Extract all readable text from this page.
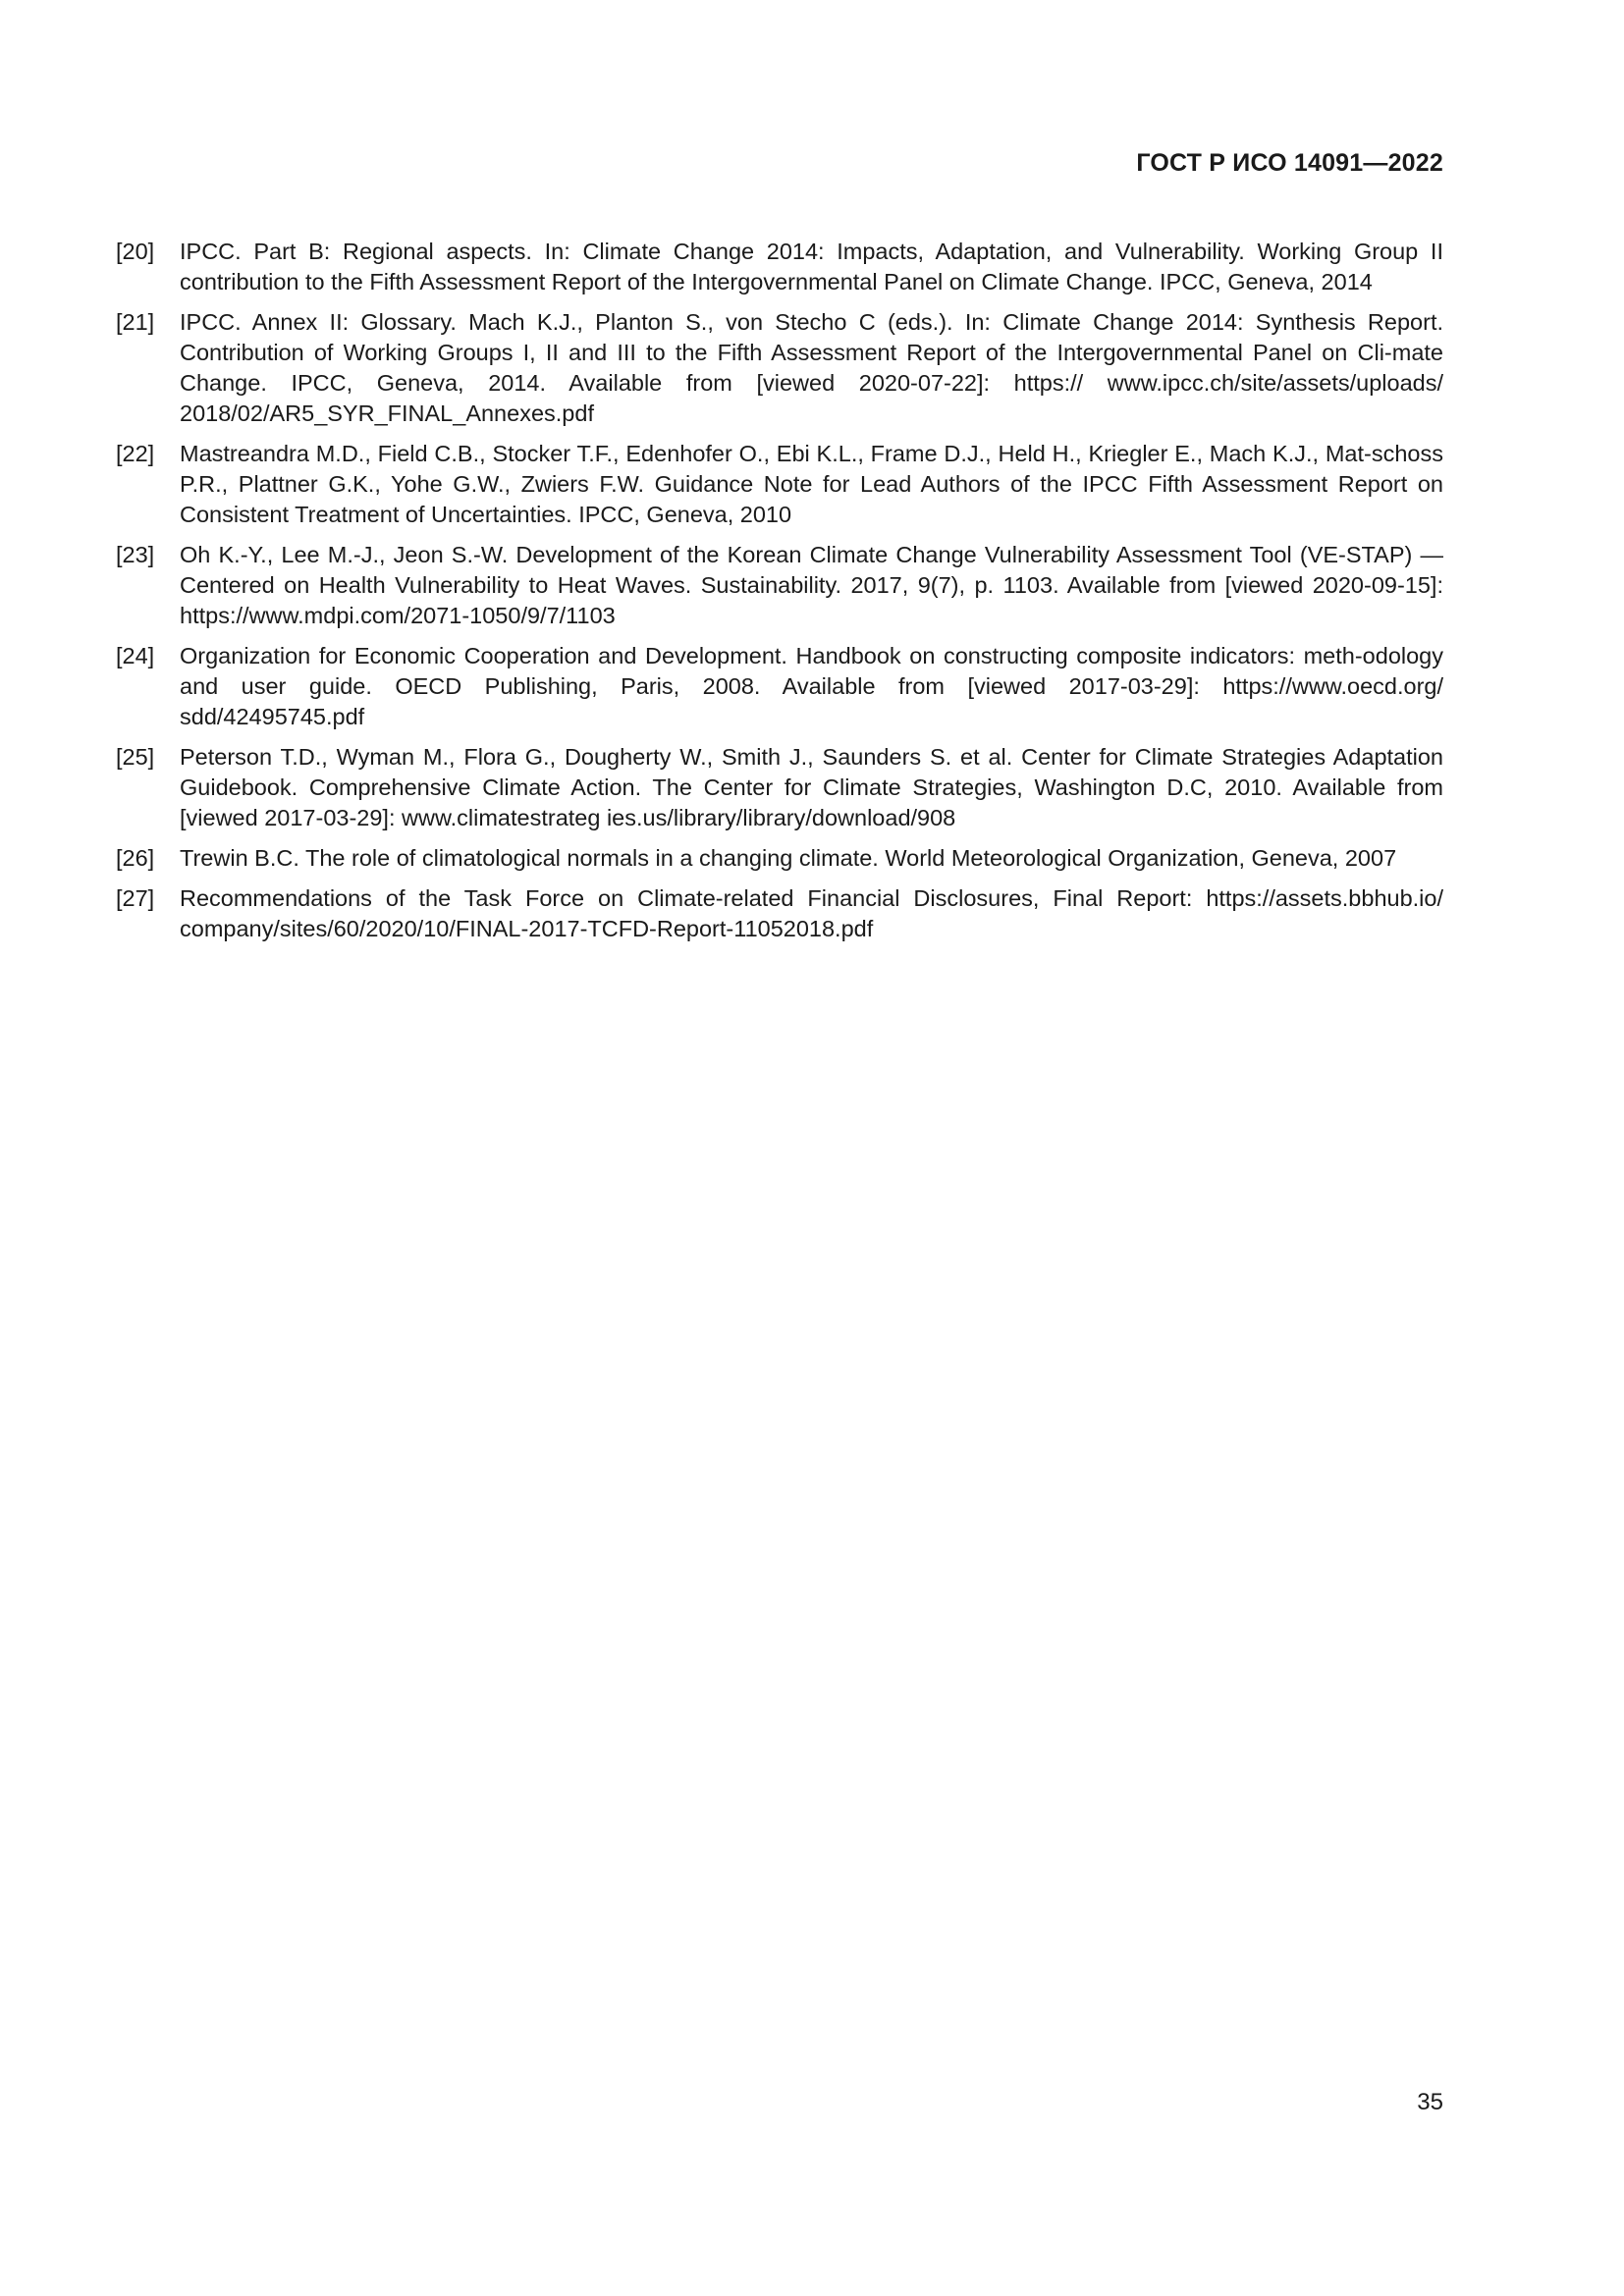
ГОСТ Р ИСО 14091—2022
[20] IPCC. Part B: Regional aspects. In: Climate Change 2014: Impacts, Adaptation, and Vulnerability. Working Group II contribution to the Fifth Assessment Report of the Intergovernmental Panel on Climate Change. IPCC, Geneva, 2014
[21] IPCC. Annex II: Glossary. Mach K.J., Planton S., von Stecho C (eds.). In: Climate Change 2014: Synthesis Report. Contribution of Working Groups I, II and III to the Fifth Assessment Report of the Intergovernmental Panel on Cli-mate Change. IPCC, Geneva, 2014. Available from [viewed 2020-07-22]: https:// www.ipcc.ch/site/assets/uploads/ 2018/02/AR5_SYR_FINAL_Annexes.pdf
[22] Mastreandra M.D., Field C.B., Stocker T.F., Edenhofer O., Ebi K.L., Frame D.J., Held H., Kriegler E., Mach K.J., Mat-schoss P.R., Plattner G.K., Yohe G.W., Zwiers F.W. Guidance Note for Lead Authors of the IPCC Fifth Assessment Report on Consistent Treatment of Uncertainties. IPCC, Geneva, 2010
[23] Oh K.-Y., Lee M.-J., Jeon S.-W. Development of the Korean Climate Change Vulnerability Assessment Tool (VE-STAP) — Centered on Health Vulnerability to Heat Waves. Sustainability. 2017, 9(7), p. 1103. Available from [viewed 2020-09-15]: https://www.mdpi.com/2071-1050/9/7/1103
[24] Organization for Economic Cooperation and Development. Handbook on constructing composite indicators: meth-odology and user guide. OECD Publishing, Paris, 2008. Available from [viewed 2017-03-29]: https://www.oecd.org/ sdd/42495745.pdf
[25] Peterson T.D., Wyman M., Flora G., Dougherty W., Smith J., Saunders S. et al. Center for Climate Strategies Adaptation Guidebook. Comprehensive Climate Action. The Center for Climate Strategies, Washington D.C, 2010. Available from [viewed 2017-03-29]: www.climatestrateg ies.us/library/library/download/908
[26] Trewin B.C. The role of climatological normals in a changing climate. World Meteorological Organization, Geneva, 2007
[27] Recommendations of the Task Force on Climate-related Financial Disclosures, Final Report: https://assets.bbhub.io/ company/sites/60/2020/10/FINAL-2017-TCFD-Report-11052018.pdf
35
